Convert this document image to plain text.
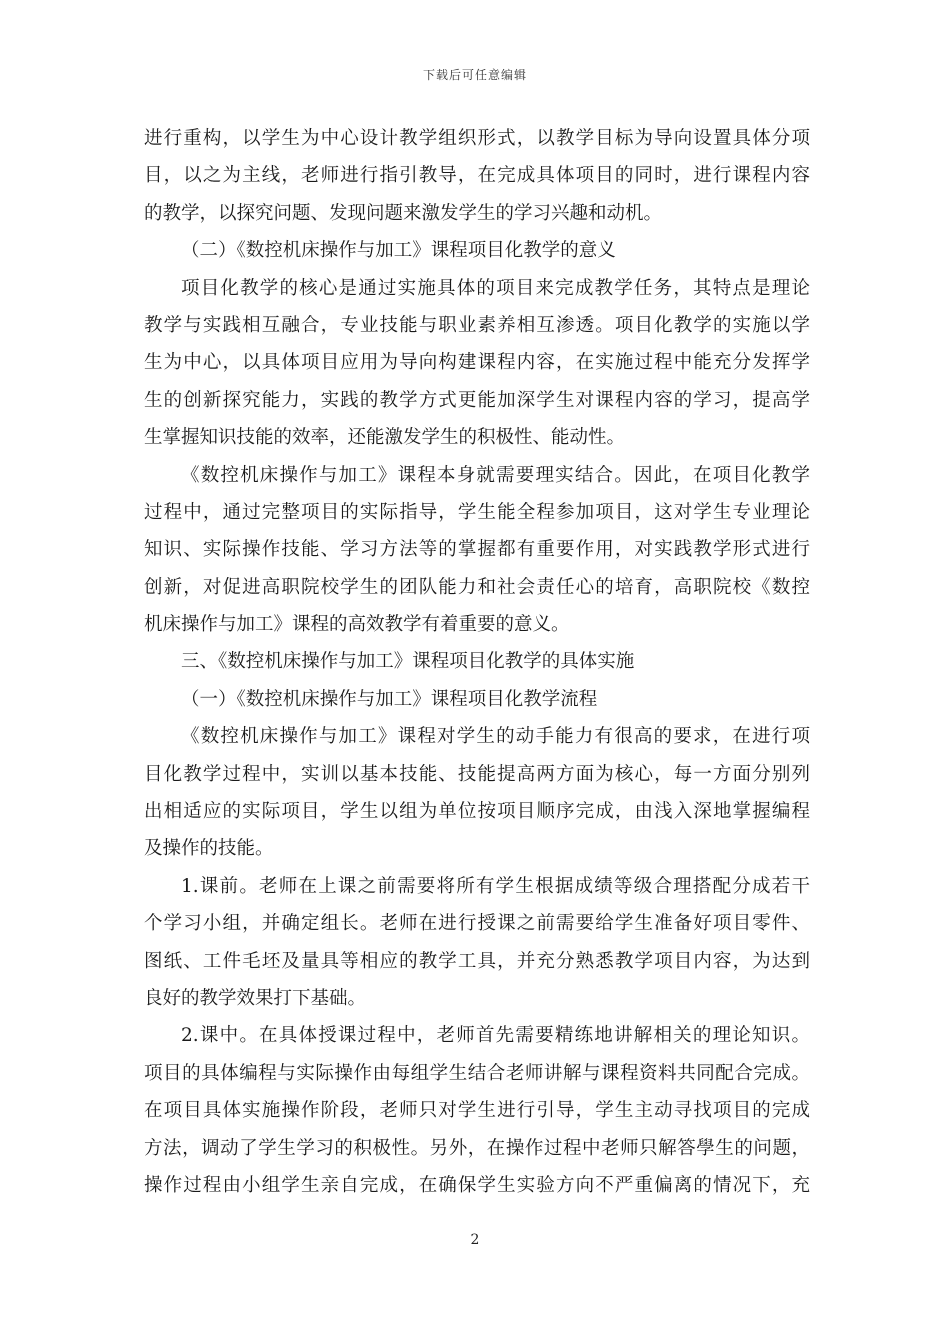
下载后可任意编辑
进行重构，以学生为中心设计教学组织形式，以教学目标为导向设置具体分项
目，以之为主线，老师进行指引教导，在完成具体项目的同时，进行课程内容
的教学，以探究问题、发现问题来激发学生的学习兴趣和动机。
（二）《数控机床操作与加工》课程项目化教学的意义
项目化教学的核心是通过实施具体的项目来完成教学任务，其特点是理论
教学与实践相互融合，专业技能与职业素养相互渗透。项目化教学的实施以学
生为中心，以具体项目应用为导向构建课程内容，在实施过程中能充分发挥学
生的创新探究能力，实践的教学方式更能加深学生对课程内容的学习，提高学
生掌握知识技能的效率，还能激发学生的积极性、能动性。
《数控机床操作与加工》课程本身就需要理实结合。因此，在项目化教学
过程中，通过完整项目的实际指导，学生能全程参加项目，这对学生专业理论
知识、实际操作技能、学习方法等的掌握都有重要作用，对实践教学形式进行
创新，对促进高职院校学生的团队能力和社会责任心的培育，高职院校《数控
机床操作与加工》课程的高效教学有着重要的意义。
三、《数控机床操作与加工》课程项目化教学的具体实施
（一）《数控机床操作与加工》课程项目化教学流程
《数控机床操作与加工》课程对学生的动手能力有很高的要求，在进行项
目化教学过程中，实训以基本技能、技能提高两方面为核心，每一方面分别列
出相适应的实际项目，学生以组为单位按项目顺序完成，由浅入深地掌握编程
及操作的技能。
1.课前。老师在上课之前需要将所有学生根据成绩等级合理搭配分成若干
个学习小组，并确定组长。老师在进行授课之前需要给学生准备好项目零件、
图纸、工件毛坯及量具等相应的教学工具，并充分熟悉教学项目内容，为达到
良好的教学效果打下基础。
2.课中。在具体授课过程中，老师首先需要精练地讲解相关的理论知识。
项目的具体编程与实际操作由每组学生结合老师讲解与课程资料共同配合完成。
在项目具体实施操作阶段，老师只对学生进行引导，学生主动寻找项目的完成
方法，调动了学生学习的积极性。另外，在操作过程中老师只解答學生的问题，
操作过程由小组学生亲自完成，在确保学生实验方向不严重偏离的情况下，充
2
